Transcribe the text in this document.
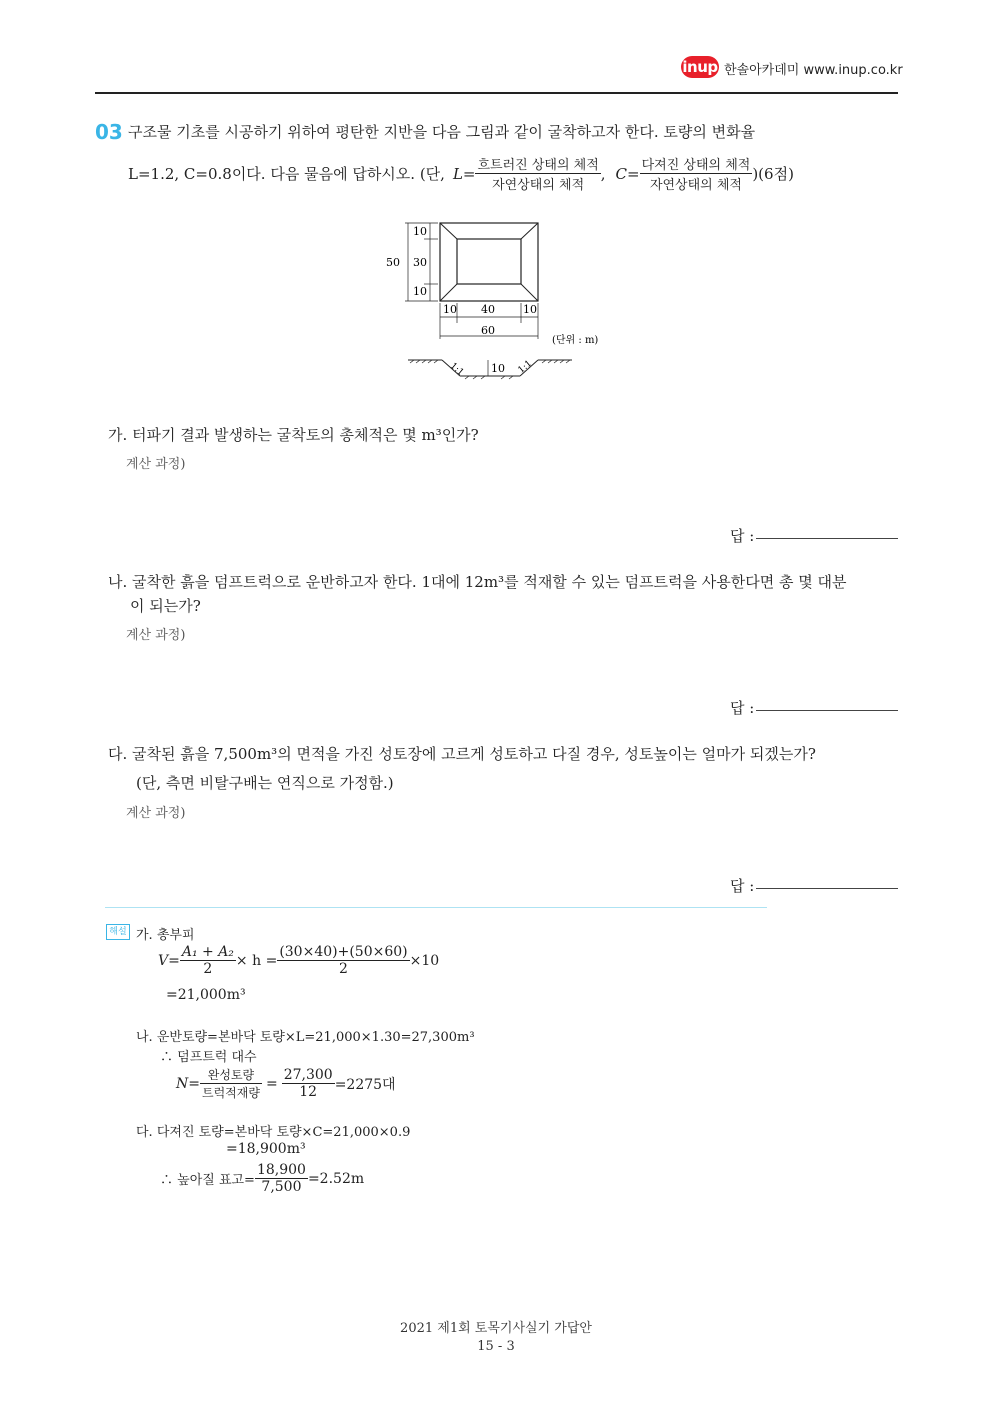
inup 한솔아카데미 www.inup.co.kr
03 구조물 기초를 시공하기 위하여 평탄한 지반을 다음 그림과 같이 굴착하고자 한다. 토량의 변화율
L=1.2, C=0.8이다. 다음 물음에 답하시오. (단, $L= \frac{\text{흐트러진 상태의 체적}}{\text{자연상태의 체적}}$ , $C= \frac{\text{다져진 상태의 체적}}{\text{자연상태의 체적}} )(6$점)
50
10
30
10
10 40	10
60
(단위 : m)
1:1	1:1
10
가. 터파기 결과 발생하는 굴착토의 총체적은 몇 m³인가?
계산 과정)
답 :
나. 굴착한 흙을 덤프트럭으로 운반하고자 한다. 1대에 12m³를 적재할 수 있는 덤프트럭을 사용한다면 총 몇 대분
이 되는가?
계산 과정)
답 :
다. 굴착된 흙을 7,500m³의 면적을 가진 성토장에 고르게 성토하고 다질 경우, 성토높이는 얼마가 되겠는가?
(단, 측면 비탈구배는 연직으로 가정함.)
계산 과정)
답 :
해설 가. 총부피
$V= \frac{\text{A₁ + A₂}}{2} \times h = \frac{(30\times 40)+(50\times 60)}{2} \times 10$
=21,000m³
나. 운반토량=본바닥 토량×L=21,000×1.30=27,300m³
∴ 덤프트럭 대수
$N= \frac{\text{완성토량}}{\text{트럭적재량}} = \frac{27,300}{12} =2275$대
다. 다져진 토량=본바닥 토량×C=21,000×0.9
=18,900m³
∴ 높아질 표고= $\frac{18,900}{7,500} =2.52m$
2021 제1회 토목기사실기 가답안
15 - 3
